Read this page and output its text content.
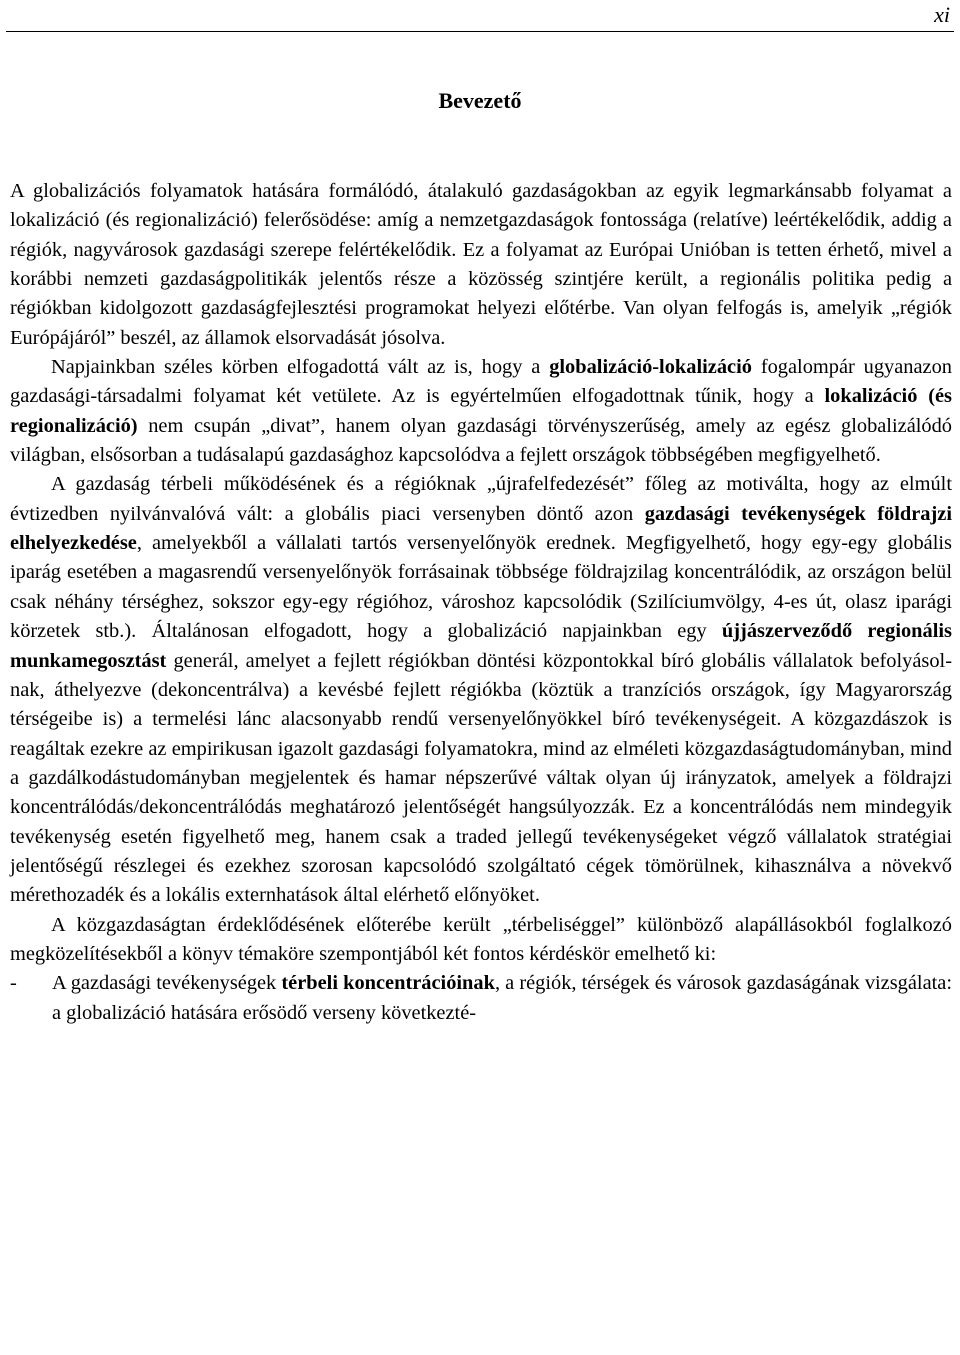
xi
Bevezető

A globalizációs folyamatok hatására formálódó, átalakuló gazdaságokban az egyik legmarkánsabb folyamat a lokalizáció (és regionalizáció) felerősödése: amíg a nemzetgazdaságok fontossága (relatíve) leértékelődik, addig a régiók, nagyvárosok gazdasági szerepe felértékelődik. Ez a folyamat az Európai Unióban is tetten érhető, mivel a korábbi nemzeti gazdaságpolitikák jelentős része a közösség szintjére került, a regionális politika pedig a régiókban kidolgozott gazdaságfejlesztési programokat helyezi előtérbe. Van olyan felfogás is, amelyik „régiók Európájáról” beszél, az államok elsorvadását jósolva.

Napjainkban széles körben elfogadottá vált az is, hogy a globalizáció-lokalizáció fogalompár ugyanazon gazdasági-társadalmi folyamat két vetülete. Az is egyértelműen elfogadottnak tűnik, hogy a lokalizáció (és regionalizáció) nem csupán „divat”, hanem olyan gazdasági törvényszerűség, amely az egész globalizálódó világban, elsősorban a tudásalapú gazdasághoz kapcsolódva a fejlett országok többségében megfigyelhető.

A gazdaság térbeli működésének és a régióknak „újrafelfedezését” főleg az motiválta, hogy az elmúlt évtizedben nyilvánvalóvá vált: a globális piaci versenyben döntő azon gazdasági tevékenységek földrajzi elhelyezkedése, amelyekből a vállalati tartós versenyelőnyök erednek. Megfigyelhető, hogy egy-egy globális iparág esetében a magasrendű versenyelőnyök forrásainak többsége földrajzilag koncentrálódik, az országon belül csak néhány térséghez, sokszor egy-egy régióhoz, városhoz kapcsolódik (Szilíciumvölgy, 4-es út, olasz iparági körzetek stb.). Általánosan elfogadott, hogy a globalizáció napjainkban egy újjászerveződő regionális munkamegosztást generál, amelyet a fejlett régiókban döntési központokkal bíró globális vállalatok befolyásolnak, áthelyezve (dekoncentrálva) a kevésbé fejlett régiókba (köztük a tranzíciós országok, így Magyarország térségeibe is) a termelési lánc alacsonyabb rendű versenyelőnyökkel bíró tevékenységeit. A közgazdászok is reagáltak ezekre az empirikusan igazolt gazdasági folyamatokra, mind az elméleti közgazdaságtudományban, mind a gazdálkodástudományban megjelentek és hamar népszerűvé váltak olyan új irányzatok, amelyek a földrajzi koncentrálódás/dekoncentrálódás meghatározó jelentőségét hangsúlyozzák. Ez a koncentrálódás nem mindegyik tevékenység esetén figyelhető meg, hanem csak a traded jellegű tevékenységeket végző vállalatok stratégiai jelentőségű részlegei és ezekhez szorosan kapcsolódó szolgáltató cégek tömörülnek, kihasználva a növekvő mérethozadék és a lokális externhatások által elérhető előnyöket.

A közgazdaságtan érdeklődésének előterébe került „térbeliséggel” különböző alapállásokból foglalkozó megközelítésekből a könyv témaköre szempontjából két fontos kérdéskör emelhető ki:

- A gazdasági tevékenységek térbeli koncentrációinak, a régiók, térségek és városok gazdaságának vizsgálata: a globalizáció hatására erősödő verseny következté-
